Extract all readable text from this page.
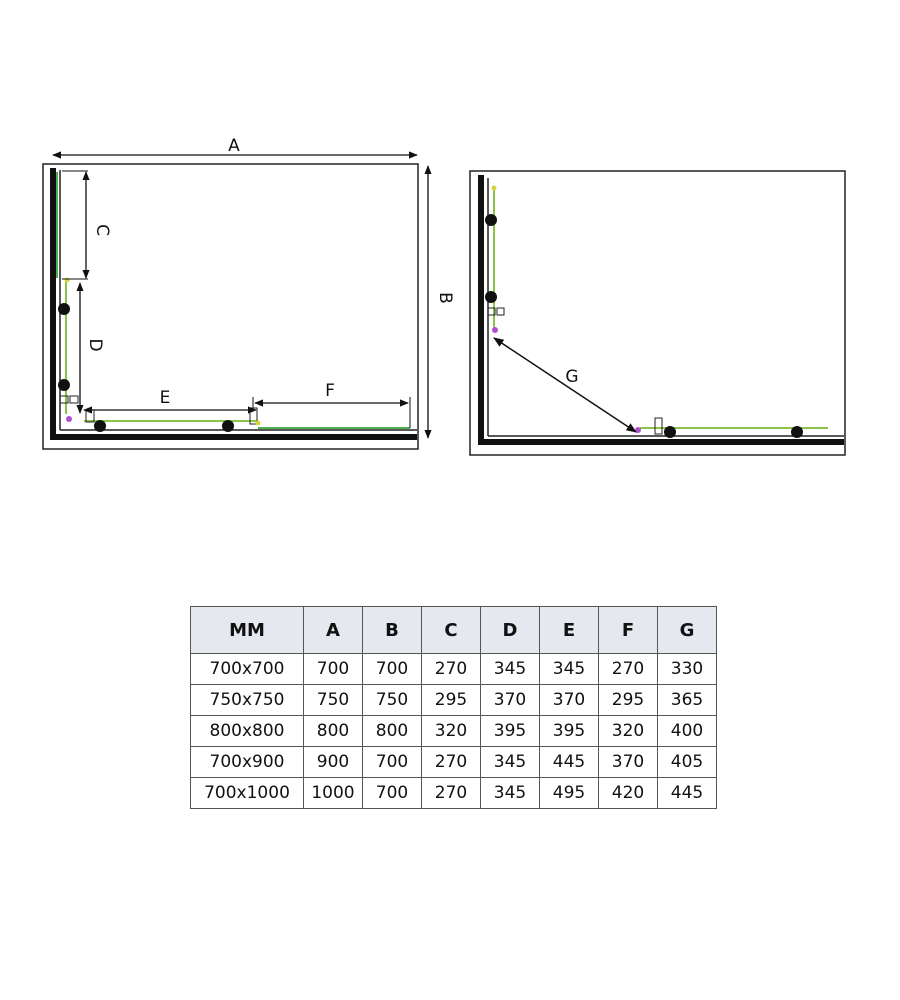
A
B
C
D
E	F
G
MM	A	B	C	D	E	F	G
700x700	700	700	270	345	345	270	330
750x750	750	750	295	370	370	295	365
800x800	800	800	320	395	395	320	400
700x900	900	700	270	345	445	370	405
700x1000	1000	700	270	345	495	420	445
